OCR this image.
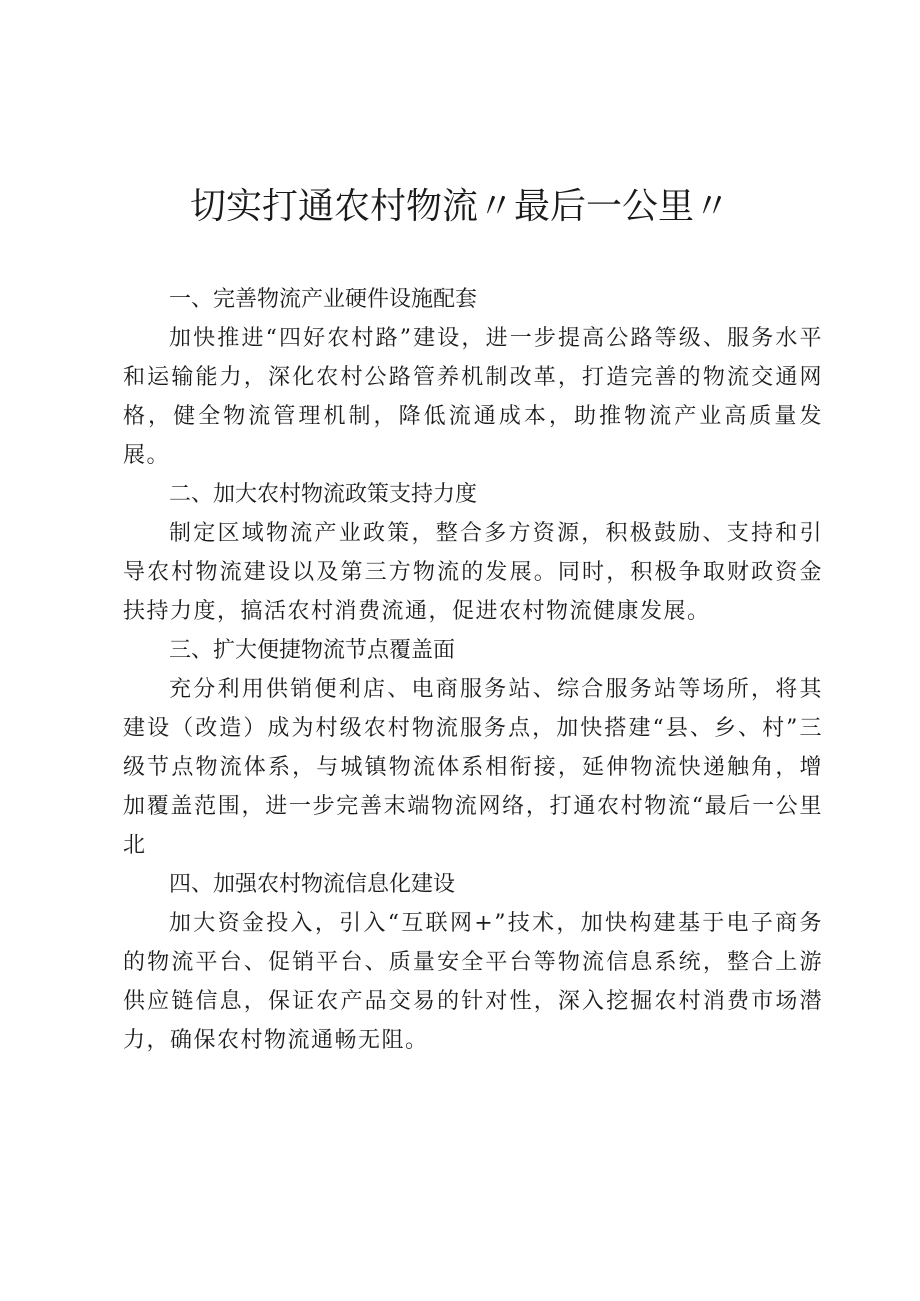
切实打通农村物流〃最后一公里〃
一、完善物流产业硬件设施配套

加快推进“四好农村路”建设，进一步提高公路等级、服务水平和运输能力，深化农村公路管养机制改革，打造完善的物流交通网格，健全物流管理机制，降低流通成本，助推物流产业高质量发展。

二、加大农村物流政策支持力度

制定区域物流产业政策，整合多方资源，积极鼓励、支持和引导农村物流建设以及第三方物流的发展。同时，积极争取财政资金扶持力度，搞活农村消费流通，促进农村物流健康发展。

三、扩大便捷物流节点覆盖面

充分利用供销便利店、电商服务站、综合服务站等场所，将其建设（改造）成为村级农村物流服务点，加快搭建“县、乡、村”三级节点物流体系，与城镇物流体系相衔接，延伸物流快递触角，增加覆盖范围，进一步完善末端物流网络，打通农村物流“最后一公里北

四、加强农村物流信息化建设

加大资金投入，引入“互联网+”技术，加快构建基于电子商务的物流平台、促销平台、质量安全平台等物流信息系统，整合上游供应链信息，保证农产品交易的针对性，深入挖掘农村消费市场潜力，确保农村物流通畅无阻。
